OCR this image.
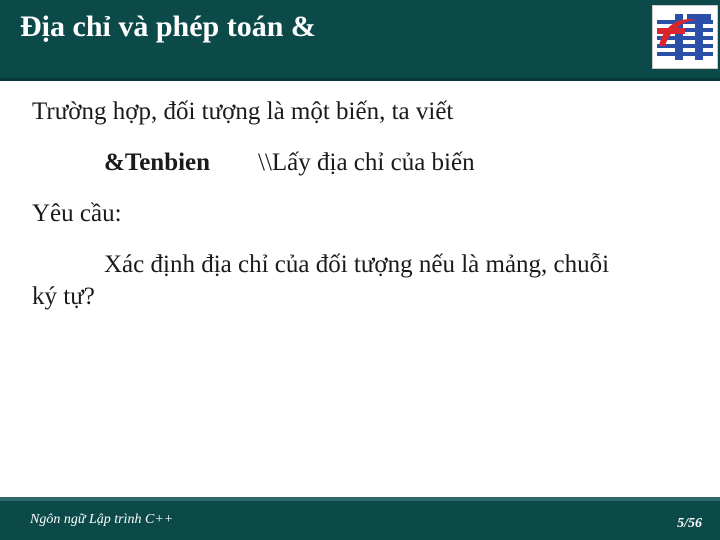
Địa chỉ và phép toán &
Trường hợp, đối tượng là một biến, ta viết
&Tenbien \\Lấy địa chỉ của biến
Yêu cầu:
Xác định địa chỉ của đối tượng nếu là mảng, chuỗi
ký tự?
Ngôn ngữ Lập trình C++	5/56
